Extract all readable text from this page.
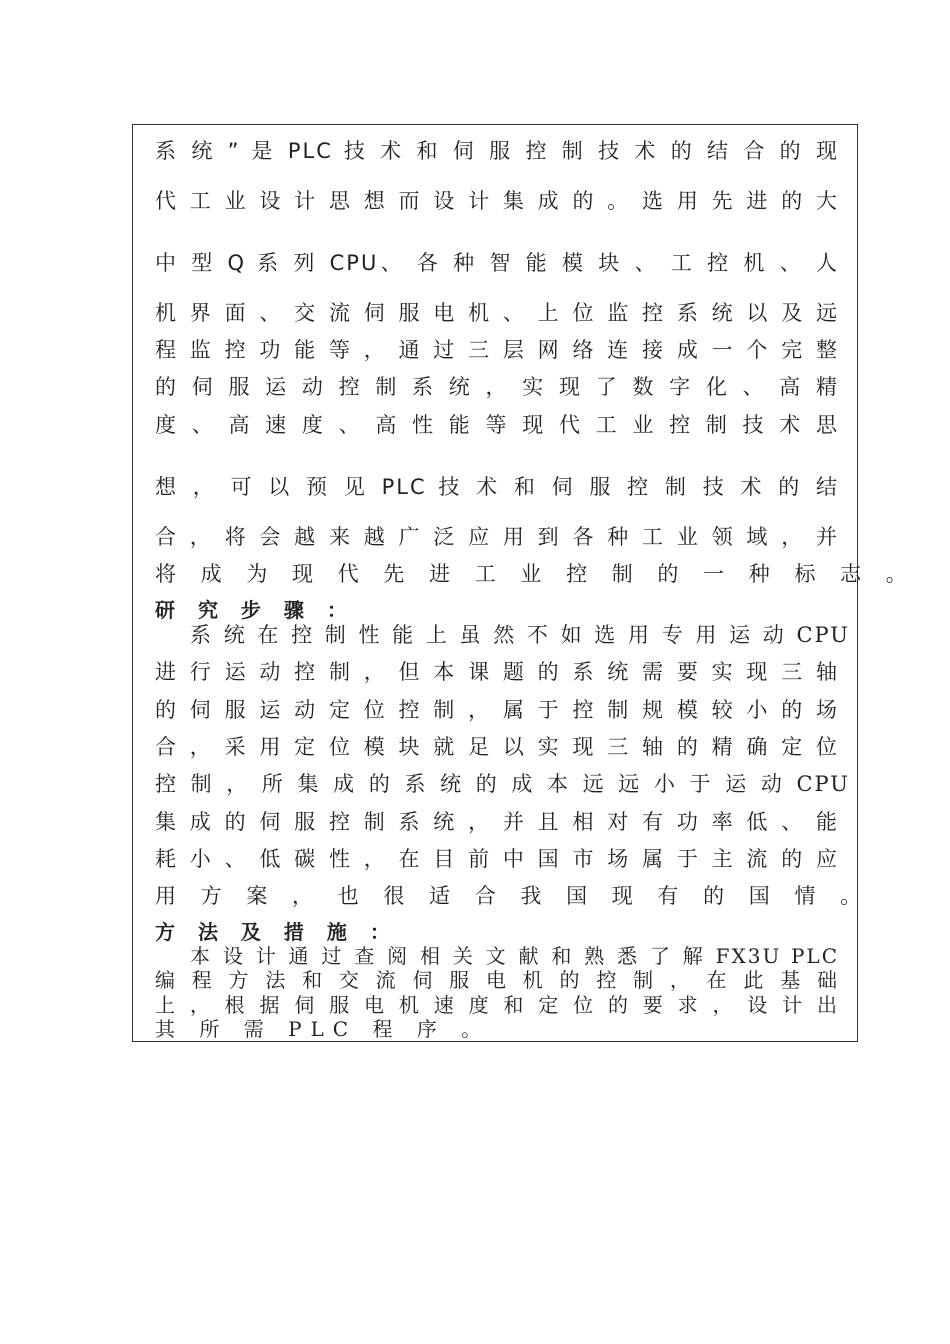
系 统 ” 是 PLC 技 术 和 伺 服 控 制 技 术 的 结 合 的 现
代 工 业 设 计 思 想 而 设 计 集 成 的 。 选 用 先 进 的 大
中 型 Q 系 列 CPU、 各 种 智 能 模 块 、 工 控 机 、 人
机 界 面 、 交 流 伺 服 电 机 、 上 位 监 控 系 统 以 及 远
程 监 控 功 能 等 ， 通 过 三 层 网 络 连 接 成 一 个 完 整
的 伺 服 运 动 控 制 系 统 ， 实 现 了 数 字 化 、 高 精
度 、 高 速 度 、 高 性 能 等 现 代 工 业 控 制 技 术 思
想 ， 可 以 预 见 PLC 技 术 和 伺 服 控 制 技 术 的 结
合 ， 将 会 越 来 越 广 泛 应 用 到 各 种 工 业 领 域 ， 并
将 成 为 现 代 先 进 工 业 控 制 的 一 种 标 志 。
研 究 步 骤 ：
系 统 在 控 制 性 能 上 虽 然 不 如 选 用 专 用 运 动 CPU
进 行 运 动 控 制 ， 但 本 课 题 的 系 统 需 要 实 现 三 轴
的 伺 服 运 动 定 位 控 制 ， 属 于 控 制 规 模 较 小 的 场
合 ， 采 用 定 位 模 块 就 足 以 实 现 三 轴 的 精 确 定 位
控 制 ， 所 集 成 的 系 统 的 成 本 远 远 小 于 运 动 CPU
集 成 的 伺 服 控 制 系 统 ， 并 且 相 对 有 功 率 低 、 能
耗 小 、 低 碳 性 ， 在 目 前 中 国 市 场 属 于 主 流 的 应
用 方 案 ， 也 很 适 合 我 国 现 有 的 国 情 。
方 法 及 措 施 ：
本 设 计 通 过 查 阅 相 关 文 献 和 熟 悉 了 解 FX3U PLC
编 程 方 法 和 交 流 伺 服 电 机 的 控 制 ， 在 此 基 础
上 ， 根 据 伺 服 电 机 速 度 和 定 位 的 要 求 ， 设 计 出
其 所 需 PLC 程 序 。
